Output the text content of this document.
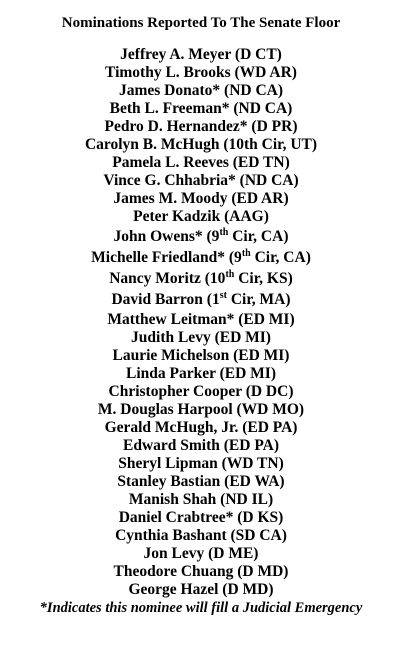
Nominations Reported To The Senate Floor
Jeffrey A. Meyer (D CT)
Timothy L. Brooks (WD AR)
James Donato* (ND CA)
Beth L. Freeman* (ND CA)
Pedro D. Hernandez* (D PR)
Carolyn B. McHugh (10th Cir, UT)
Pamela L. Reeves (ED TN)
Vince G. Chhabria* (ND CA)
James M. Moody (ED AR)
Peter Kadzik (AAG)
John Owens* (9th Cir, CA)
Michelle Friedland* (9th Cir, CA)
Nancy Moritz (10th Cir, KS)
David Barron (1st Cir, MA)
Matthew Leitman* (ED MI)
Judith Levy (ED MI)
Laurie Michelson (ED MI)
Linda Parker (ED MI)
Christopher Cooper (D DC)
M. Douglas Harpool (WD MO)
Gerald McHugh, Jr. (ED PA)
Edward Smith (ED PA)
Sheryl Lipman (WD TN)
Stanley Bastian (ED WA)
Manish Shah (ND IL)
Daniel Crabtree* (D KS)
Cynthia Bashant (SD CA)
Jon Levy (D ME)
Theodore Chuang (D MD)
George Hazel (D MD)
*Indicates this nominee will fill a Judicial Emergency
